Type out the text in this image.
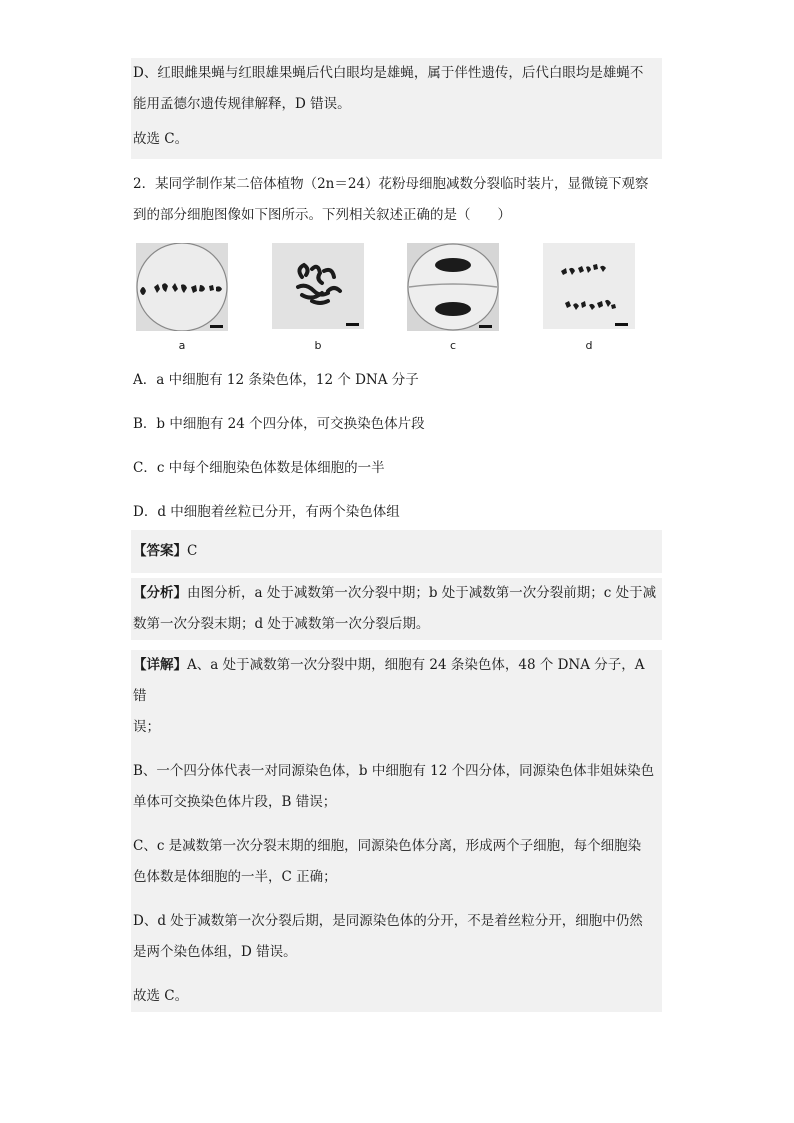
D、红眼雌果蝇与红眼雄果蝇后代白眼均是雄蝇，属于伴性遗传，后代白眼均是雄蝇不

能用孟德尔遗传规律解释，D 错误。

故选 C。

2．某同学制作某二倍体植物（2n＝24）花粉母细胞减数分裂临时装片，显微镜下观察

到的部分细胞图像如下图所示。下列相关叙述正确的是（　　）

a	b	c	d

A．a 中细胞有 12 条染色体，12 个 DNA 分子

B．b 中细胞有 24 个四分体，可交换染色体片段

C．c 中每个细胞染色体数是体细胞的一半

D．d 中细胞着丝粒已分开，有两个染色体组

【答案】C

【分析】由图分析，a 处于减数第一次分裂中期；b 处于减数第一次分裂前期；c 处于减

数第一次分裂末期；d 处于减数第一次分裂后期。

【详解】A、a 处于减数第一次分裂中期，细胞有 24 条染色体，48 个 DNA 分子，A 错

误；

B、一个四分体代表一对同源染色体，b 中细胞有 12 个四分体，同源染色体非姐妹染色

单体可交换染色体片段，B 错误；

C、c 是减数第一次分裂末期的细胞，同源染色体分离，形成两个子细胞，每个细胞染

色体数是体细胞的一半，C 正确；

D、d 处于减数第一次分裂后期，是同源染色体的分开，不是着丝粒分开，细胞中仍然

是两个染色体组，D 错误。

故选 C。
